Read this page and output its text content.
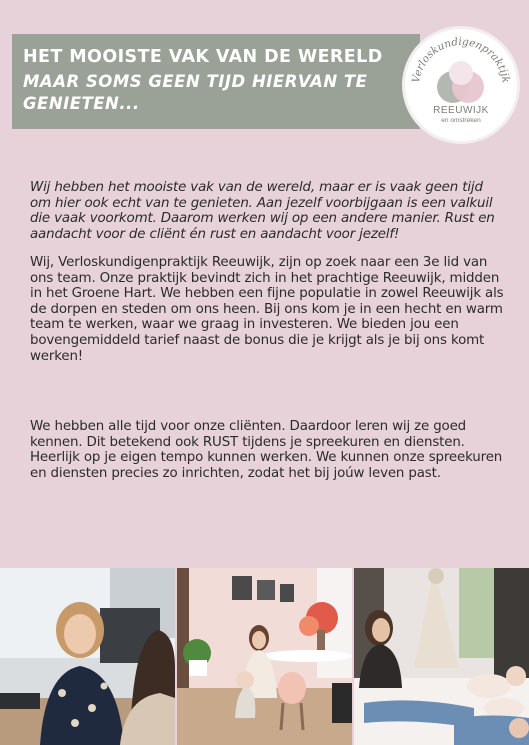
HET MOOISTE VAK VAN DE WERELD
MAAR SOMS GEEN TIJD HIERVAN TE GENIETEN...
Verloskundigenpraktijk
REEUWIJK
en omstreken
Wij hebben het mooiste vak van de wereld, maar er is vaak geen tijd om hier ook echt van te genieten. Aan jezelf voorbijgaan is een valkuil die vaak voorkomt. Daarom werken wij op een andere manier. Rust en aandacht voor de cliënt én rust en aandacht voor jezelf!
Wij, Verloskundigenpraktijk Reeuwijk, zijn op zoek naar een 3e lid van ons team. Onze praktijk bevindt zich in het prachtige Reeuwijk, midden in het Groene Hart. We hebben een fijne populatie in zowel Reeuwijk als de dorpen en steden om ons heen. Bij ons kom je in een hecht en warm team te werken, waar we graag in investeren. We bieden jou een bovengemiddeld tarief naast de bonus die je krijgt als je bij ons komt werken!
We hebben alle tijd voor onze cliënten. Daardoor leren wij ze goed kennen. Dit betekend ook RUST tijdens je spreekuren en diensten. Heerlijk op je eigen tempo kunnen werken. We kunnen onze spreekuren en diensten precies zo inrichten, zodat het bij joúw leven past.
